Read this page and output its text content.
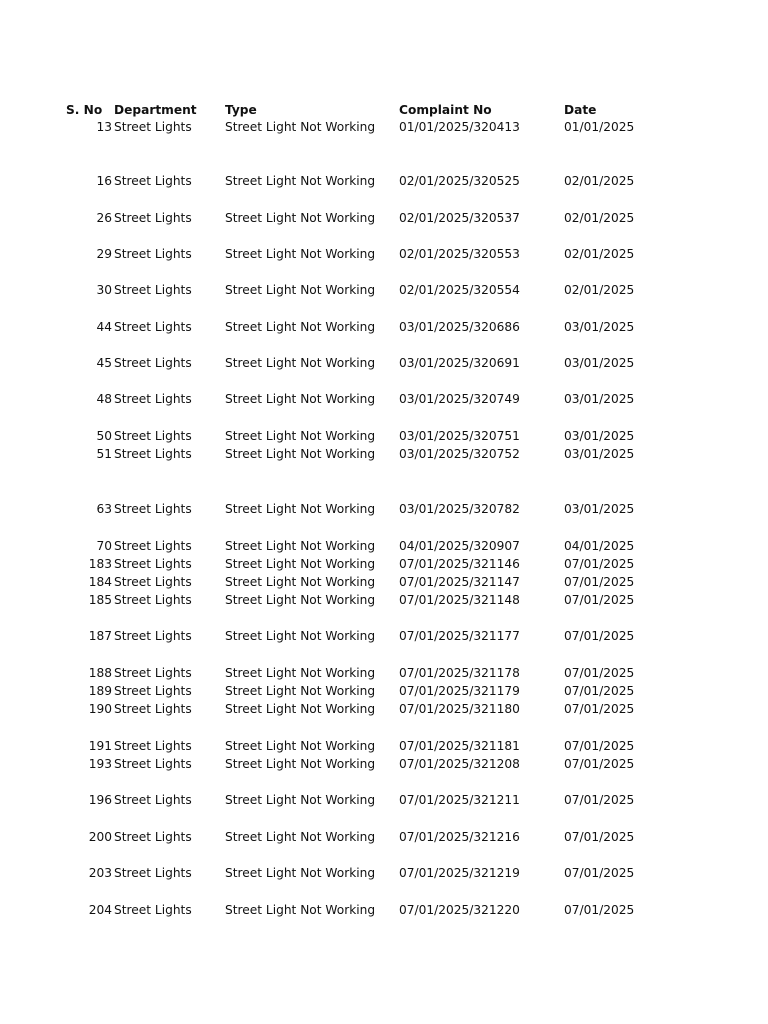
S. No Department Type	Complaint No	Date
13 Street Lights	Street Light Not Working 01/01/2025/320413	01/01/2025
16 Street Lights	Street Light Not Working 02/01/2025/320525	02/01/2025
26 Street Lights	Street Light Not Working 02/01/2025/320537	02/01/2025
29 Street Lights	Street Light Not Working 02/01/2025/320553	02/01/2025
30 Street Lights	Street Light Not Working 02/01/2025/320554	02/01/2025
44 Street Lights	Street Light Not Working 03/01/2025/320686	03/01/2025
45 Street Lights	Street Light Not Working 03/01/2025/320691	03/01/2025
48 Street Lights	Street Light Not Working 03/01/2025/320749	03/01/2025
50 Street Lights	Street Light Not Working 03/01/2025/320751	03/01/2025
51 Street Lights	Street Light Not Working 03/01/2025/320752	03/01/2025
63 Street Lights	Street Light Not Working 03/01/2025/320782	03/01/2025
70 Street Lights	Street Light Not Working 04/01/2025/320907	04/01/2025
183 Street Lights	Street Light Not Working 07/01/2025/321146	07/01/2025
184 Street Lights	Street Light Not Working 07/01/2025/321147	07/01/2025
185 Street Lights	Street Light Not Working 07/01/2025/321148	07/01/2025
187 Street Lights	Street Light Not Working 07/01/2025/321177	07/01/2025
188 Street Lights	Street Light Not Working 07/01/2025/321178	07/01/2025
189 Street Lights	Street Light Not Working 07/01/2025/321179	07/01/2025
190 Street Lights	Street Light Not Working 07/01/2025/321180	07/01/2025
191 Street Lights	Street Light Not Working 07/01/2025/321181	07/01/2025
193 Street Lights	Street Light Not Working 07/01/2025/321208	07/01/2025
196 Street Lights	Street Light Not Working 07/01/2025/321211	07/01/2025
200 Street Lights	Street Light Not Working 07/01/2025/321216	07/01/2025
203 Street Lights	Street Light Not Working 07/01/2025/321219	07/01/2025
204 Street Lights	Street Light Not Working 07/01/2025/321220	07/01/2025
